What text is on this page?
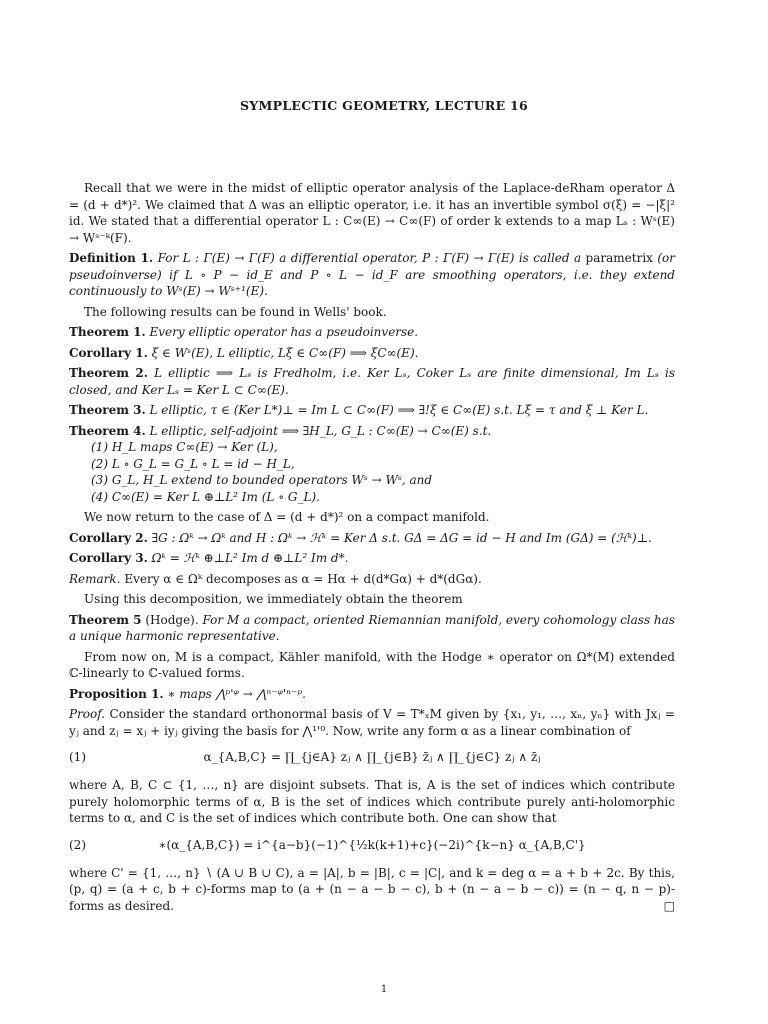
SYMPLECTIC GEOMETRY, LECTURE 16

Recall that we were in the midst of elliptic operator analysis of the Laplace-deRham operator Δ = (d + d*)². We claimed that Δ was an elliptic operator, i.e. it has an invertible symbol σ(ξ) = −|ξ|² id. We stated that a differential operator L : C∞(E) → C∞(F) of order k extends to a map Lₛ : Wˢ(E) → Wˢ⁻ᵏ(F).

Definition 1. For L : Γ(E) → Γ(F) a differential operator, P : Γ(F) → Γ(E) is called a parametrix (or pseudoinverse) if L ∘ P − id_E and P ∘ L − id_F are smoothing operators, i.e. they extend continuously to Wˢ(E) → Wˢ⁺¹(E).

The following results can be found in Wells' book.

Theorem 1. Every elliptic operator has a pseudoinverse.

Corollary 1. ξ ∈ Wˢ(E), L elliptic, Lξ ∈ C∞(F) ⟹ ξC∞(E).

Theorem 2. L elliptic ⟹ Lₛ is Fredholm, i.e. Ker Lₛ, Coker Lₛ are finite dimensional, Im Lₛ is closed, and Ker Lₛ = Ker L ⊂ C∞(E).

Theorem 3. L elliptic, τ ∈ (Ker L*)⊥ = Im L ⊂ C∞(F) ⟹ ∃!ξ ∈ C∞(E) s.t. Lξ = τ and ξ ⊥ Ker L.

Theorem 4. L elliptic, self-adjoint ⟹ ∃H_L, G_L : C∞(E) → C∞(E) s.t.

(1) H_L maps C∞(E) → Ker (L),
(2) L ∘ G_L = G_L ∘ L = id − H_L,
(3) G_L, H_L extend to bounded operators Wˢ → Wˢ, and
(4) C∞(E) = Ker L ⊕⊥L² Im (L ∘ G_L).

We now return to the case of Δ = (d + d*)² on a compact manifold.

Corollary 2. ∃G : Ωᵏ → Ωᵏ and H : Ωᵏ → ℋᵏ = Ker Δ s.t. GΔ = ΔG = id − H and Im (GΔ) = (ℋᵏ)⊥.

Corollary 3. Ωᵏ = ℋᵏ ⊕⊥L² Im d ⊕⊥L² Im d*.

Remark. Every α ∈ Ωᵏ decomposes as α = Hα + d(d*Gα) + d*(dGα).

Using this decomposition, we immediately obtain the theorem

Theorem 5 (Hodge). For M a compact, oriented Riemannian manifold, every cohomology class has a unique harmonic representative.

From now on, M is a compact, Kähler manifold, with the Hodge ∗ operator on Ω*(M) extended ℂ-linearly to ℂ-valued forms.

Proposition 1. ∗ maps ⋀ᵖ'ᵠ → ⋀ⁿ⁻ᵠ'ⁿ⁻ᵖ.

Proof. Consider the standard orthonormal basis of V = T*ₓM given by {x₁, y₁, …, xₙ, yₙ} with Jxⱼ = yⱼ and zⱼ = xⱼ + iyⱼ giving the basis for ⋀¹'⁰. Now, write any form α as a linear combination of

(1)	α_{A,B,C} = ∏_{j∈A} zⱼ ∧ ∏_{j∈B} z̄ⱼ ∧ ∏_{j∈C} zⱼ ∧ z̄ⱼ

where A, B, C ⊂ {1, …, n} are disjoint subsets. That is, A is the set of indices which contribute purely holomorphic terms of α, B is the set of indices which contribute purely anti-holomorphic terms to α, and C is the set of indices which contribute both. One can show that

(2)	∗(α_{A,B,C}) = i^{a−b}(−1)^{½k(k+1)+c}(−2i)^{k−n} α_{A,B,C'}

where C' = {1, …, n} ∖ (A ∪ B ∪ C), a = |A|, b = |B|, c = |C|, and k = deg α = a + b + 2c. By this, (p, q) = (a + c, b + c)-forms map to (a + (n − a − b − c), b + (n − a − b − c)) = (n − q, n − p)-forms as desired.	□

1
